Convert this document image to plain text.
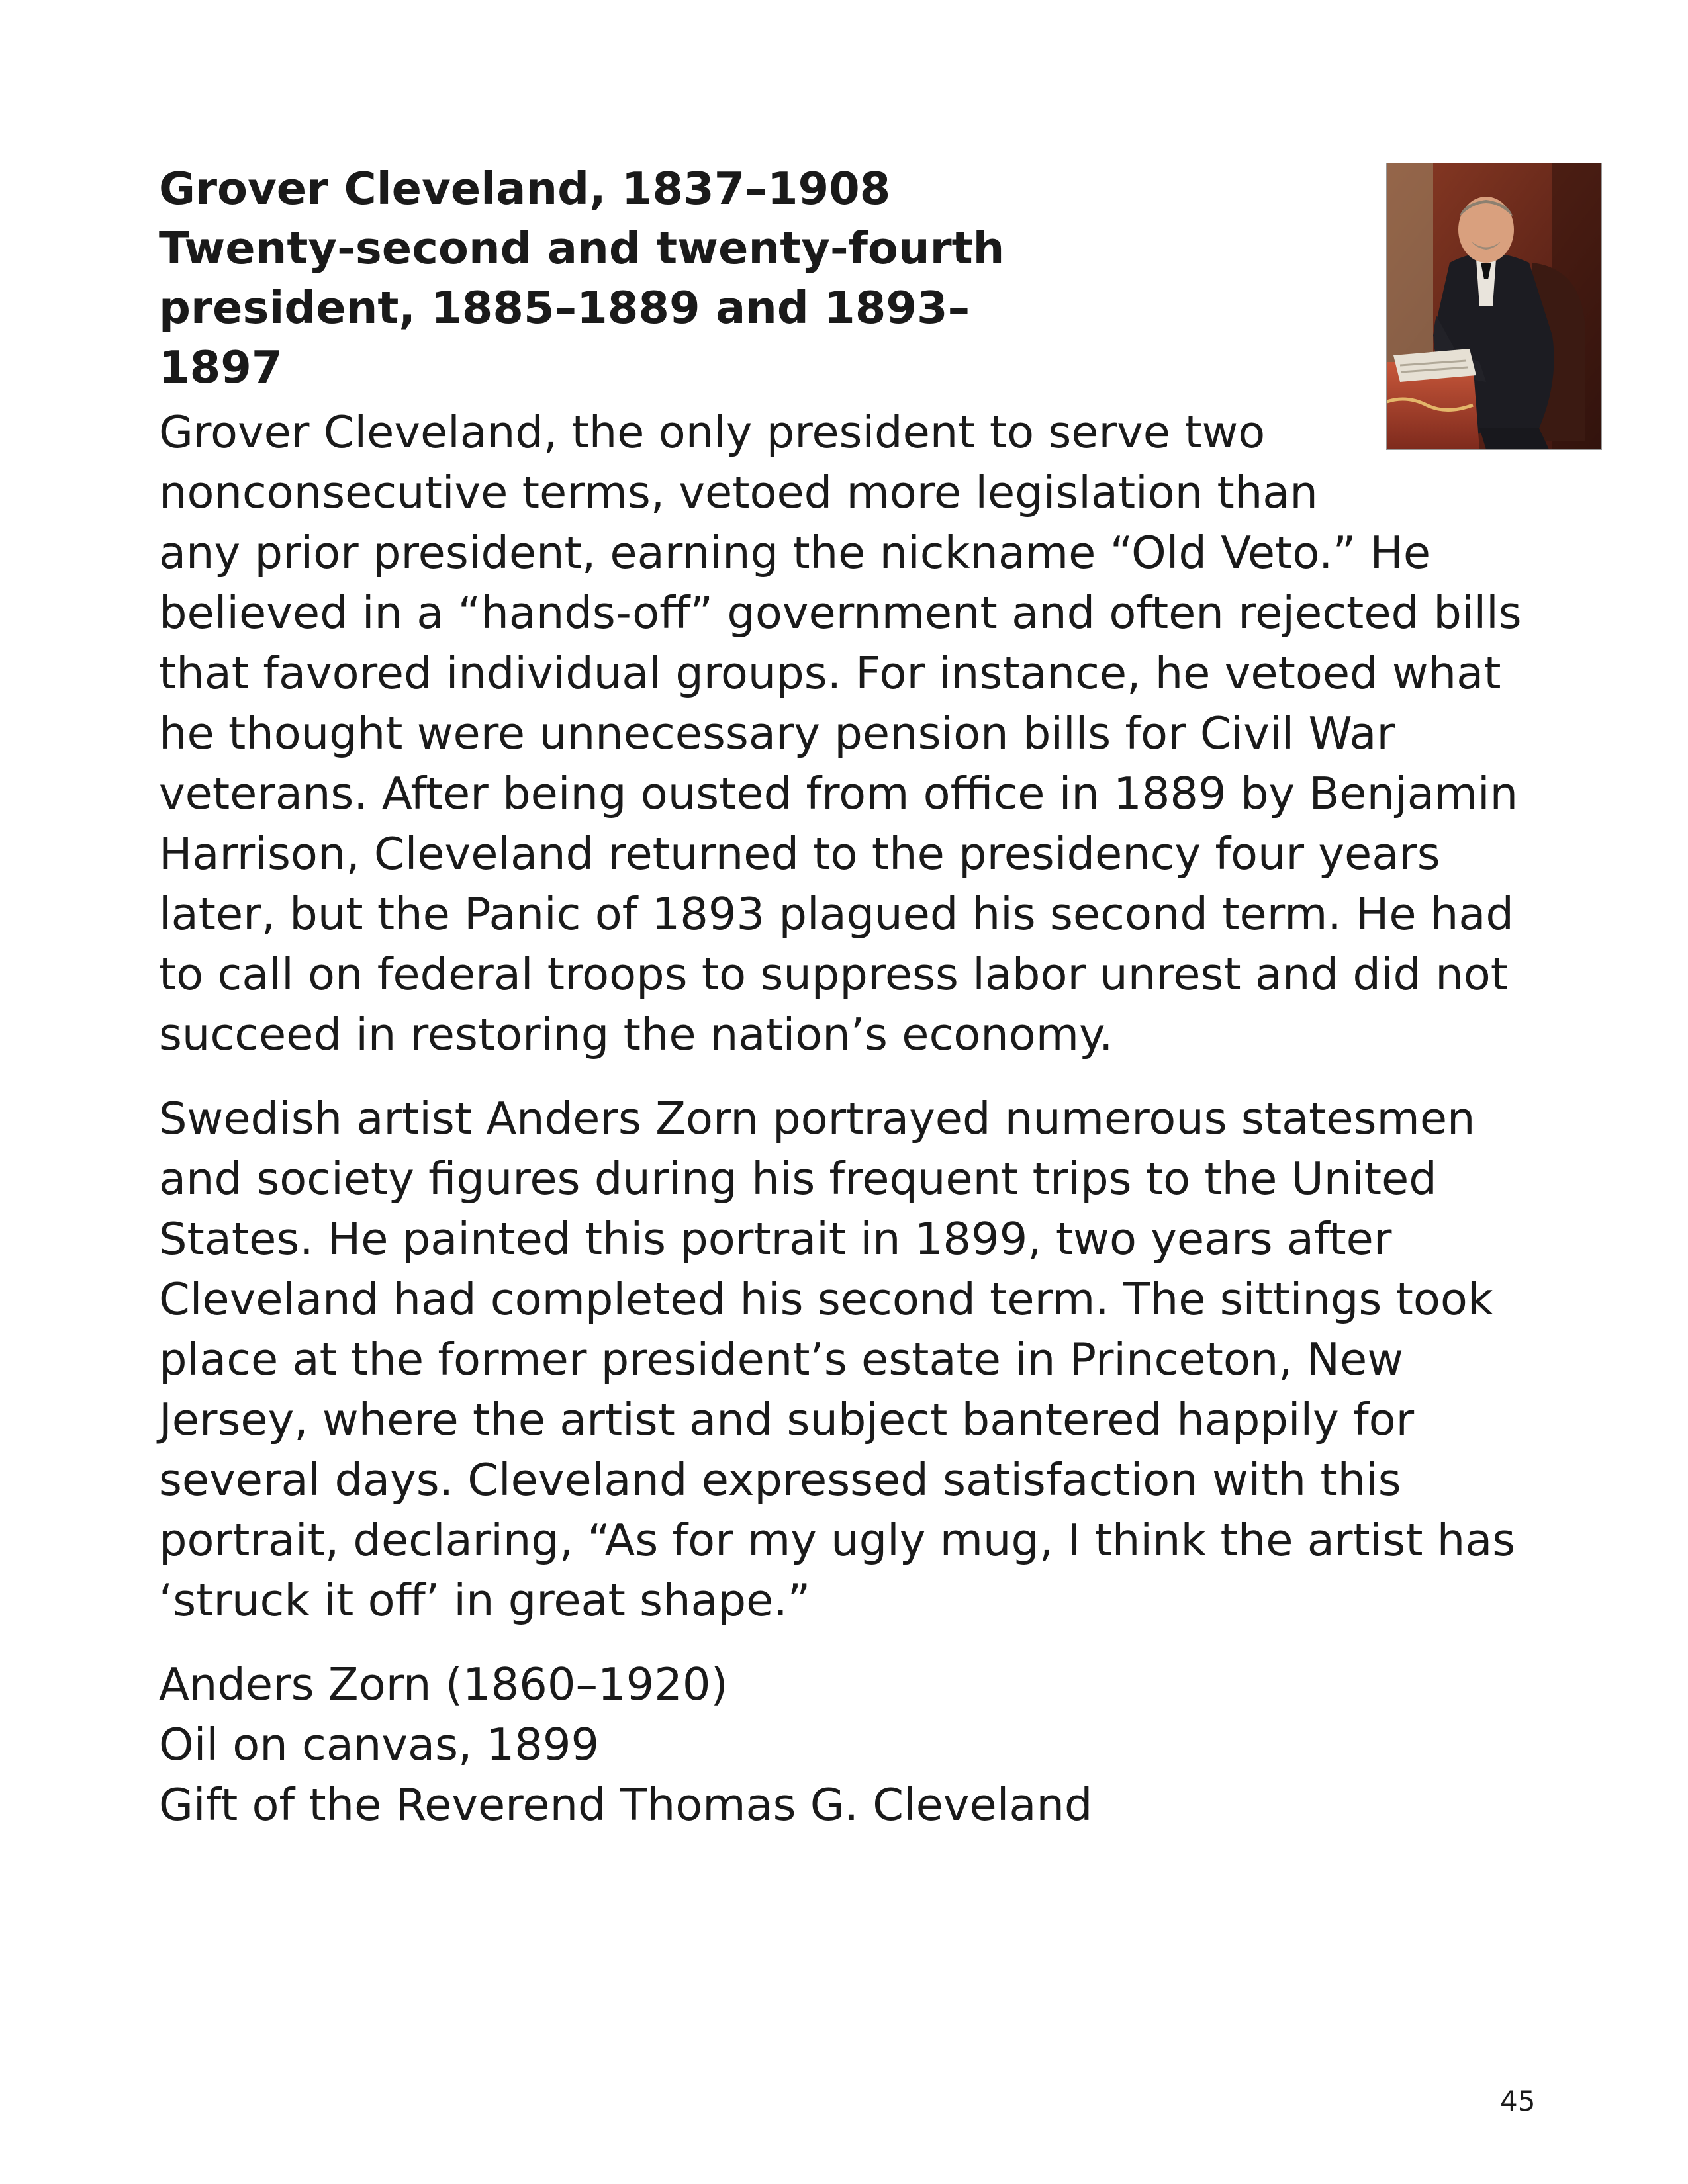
Grover Cleveland, 1837–1908
Twenty-second and twenty-fourth
president, 1885–1889 and 1893–
1897

Grover Cleveland, the only president to serve two nonconsecutive terms, vetoed more legislation than any prior president, earning the nickname “Old Veto.” He believed in a “hands-off” government and often rejected bills that favored individual groups. For instance, he vetoed what he thought were unnecessary pension bills for Civil War veterans. After being ousted from office in 1889 by Benjamin Harrison, Cleveland returned to the presidency four years later, but the Panic of 1893 plagued his second term. He had to call on federal troops to suppress labor unrest and did not succeed in restoring the nation’s economy.

Swedish artist Anders Zorn portrayed numerous statesmen and society figures during his frequent trips to the United States. He painted this portrait in 1899, two years after Cleveland had completed his second term. The sittings took place at the former president’s estate in Princeton, New Jersey, where the artist and subject bantered happily for several days. Cleveland expressed satisfaction with this portrait, declaring, “As for my ugly mug, I think the artist has ‘struck it off’ in great shape.”

Anders Zorn (1860–1920)
Oil on canvas, 1899
Gift of the Reverend Thomas G. Cleveland
45
